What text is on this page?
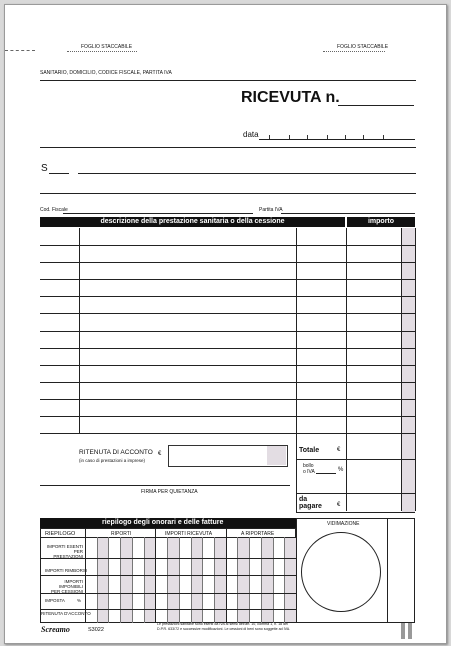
FOGLIO STACCABILE	FOGLIO STACCABILE
SANITARIO, DOMICILIO, CODICE FISCALE, PARTITA IVA
RICEVUTA n.
data
S
Cod. Fiscale	Partita IVA
descrizione della prestazione sanitaria o della cessione	importo
RITENUTA DI ACCONTO
(in caso di prestazioni a imprese)
€
FIRMA PER QUIETANZA
Totale	€
bollo
o IVA	%
da
pagare	€
riepilogo degli onorari e delle fatture
RIEPILOGO	RIPORTI	IMPORTI RICEVUTA	A RIPORTARE
IMPORTI ESENTI
PER PRESTAZIONI
IMPORTI RIMBORSI
IMPORTI IMPONIBILI
PER CESSIONI
IMPOSTA	%
RITENUTA D'ACCONTO
VIDIMAZIONE
Screamo	S3022
Le prestazioni sanitarie sono esenti da IVA ai sensi dell'art. 10, comma 1, n. 18 del
D.P.R. 633/72 e successive modificazioni. Le cessioni di beni sono soggette ad IVA.
